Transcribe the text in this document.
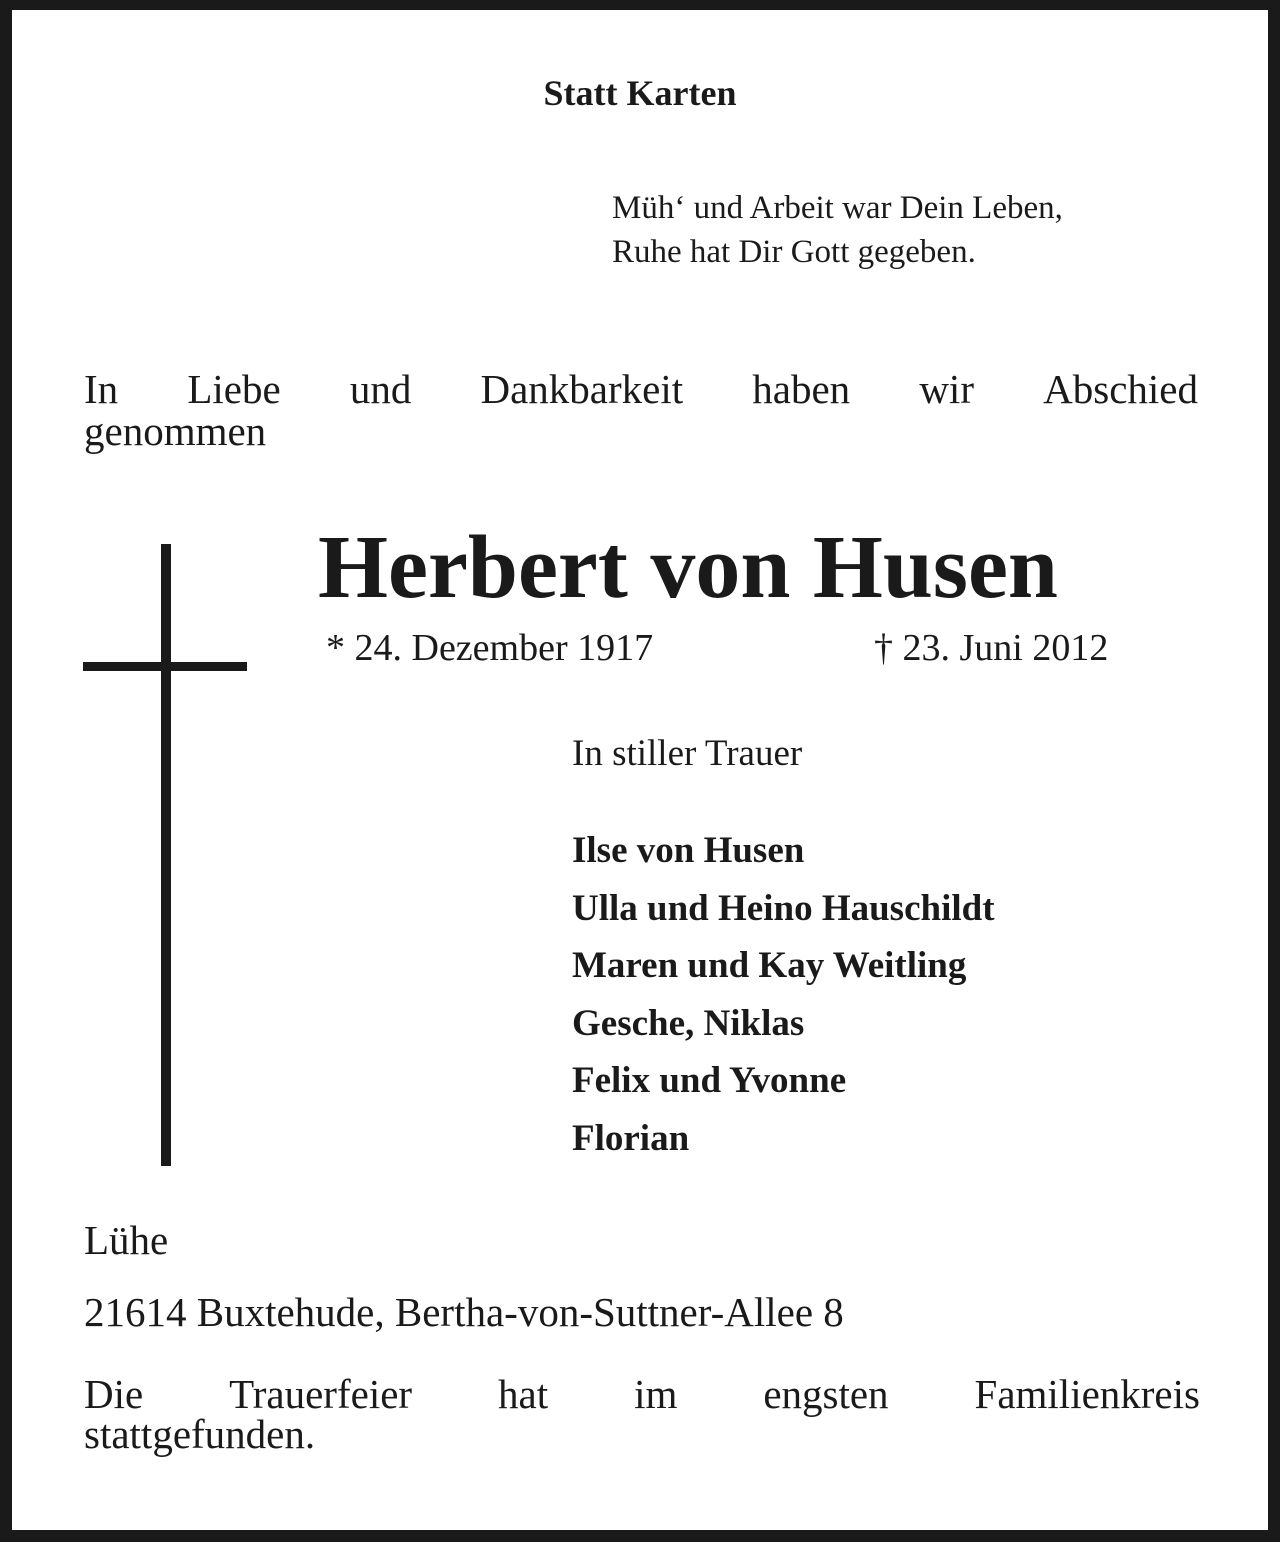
Statt Karten
Müh‘ und Arbeit war Dein Leben,
Ruhe hat Dir Gott gegeben.
In Liebe und Dankbarkeit haben wir Abschied
genommen
Herbert von Husen
* 24. Dezember 1917	† 23. Juni 2012
In stiller Trauer
Ilse von Husen
Ulla und Heino Hauschildt
Maren und Kay Weitling
Gesche, Niklas
Felix und Yvonne
Florian
Lühe
21614 Buxtehude, Bertha-von-Suttner-Allee 8
Die Trauerfeier hat im engsten Familienkreis
stattgefunden.
